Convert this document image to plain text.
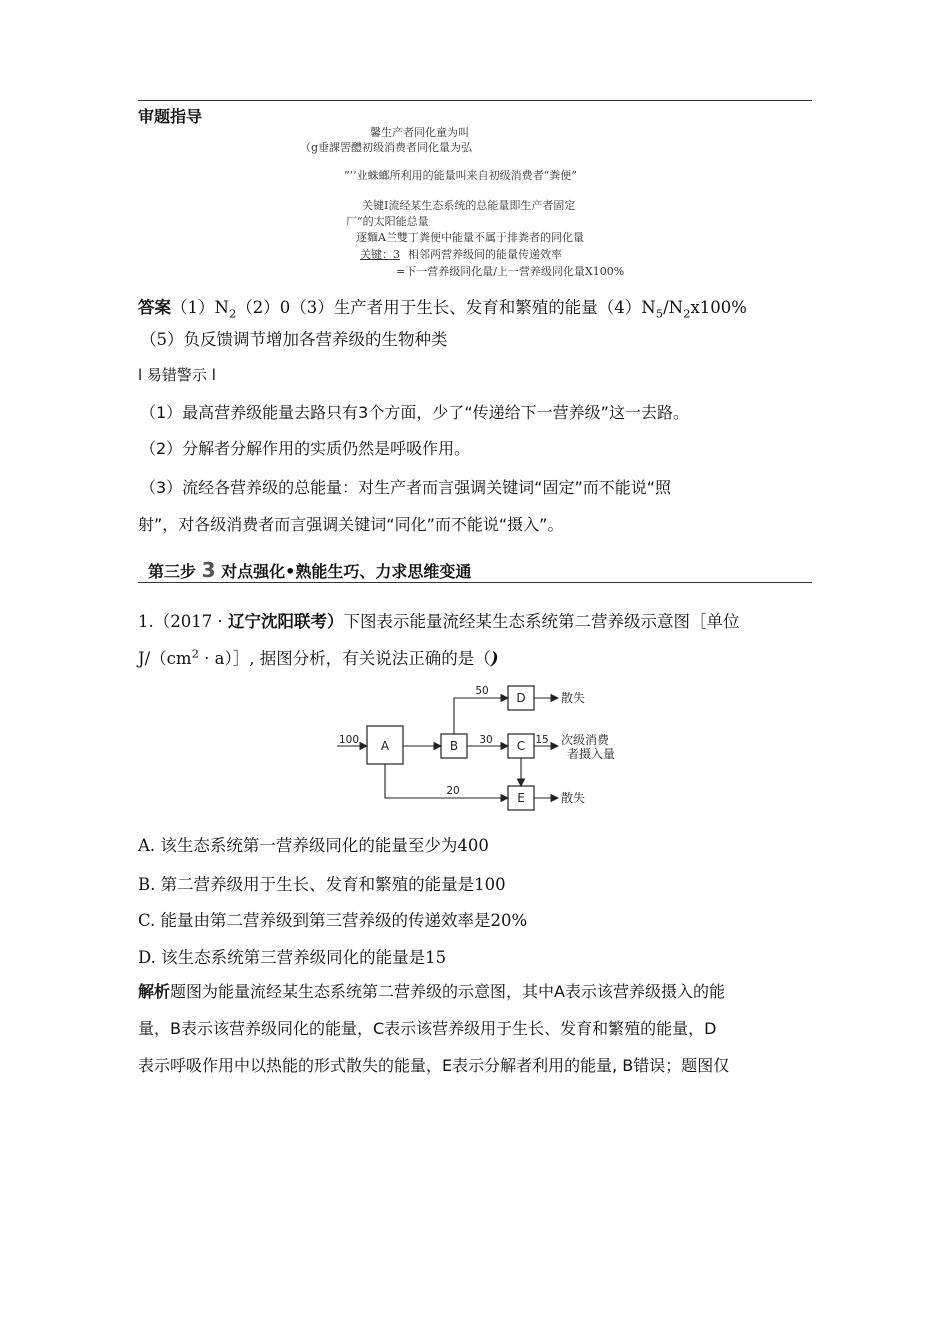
审题指导
馨生产者同化童为叫
（g垂課罟醴初级消费者同化量为弘
”’’业蛛螂所利用的能量叫来自初级消费者“粪便”
关键I流经某生态系统的总能量即生产者固定
厂“的太阳能总量
逐麵A兰雙丁粪便中能量不属于排粪者的同化量
关键：3 相邻两营养级间的能量传递效率
=下一营养级同化量/上一营养级同化量X100%
答案$(1)N_2(2)0(3)$生产者用于生长、发育和繁殖的能量$(4)N_5/N_2x100\%$
（5）负反馈调节增加各营养级的生物种类
l 易错警示 l
（1）最高营养级能量去路只有3个方面，少了“传递给下一营养级”这一去路。
（2）分解者分解作用的实质仍然是呼吸作用。
（3）流经各营养级的总能量：对生产者而言强调关键词“固定”而不能说“照
射”，对各级消费者而言强调关键词“同化”而不能说“摄入”。
第三步 3 对点强化•熟能生巧、力求思维变通
1.（2017 · 辽宁沈阳联考）下图表示能量流经某生态系统第二营养级示意图［单位
$J/(cm^2$ · a）］, 据图分析，有关说法正确的是（)
A	B	C
D
E
100
50
30
20
15
散失
次级消费
者摄入量
散失
A. 该生态系统第一营养级同化的能量至少为400
B. 第二营养级用于生长、发育和繁殖的能量是100
C. 能量由第二营养级到第三营养级的传递效率是20%
D. 该生态系统第三营养级同化的能量是15
解析题图为能量流经某生态系统第二营养级的示意图，其中A表示该营养级摄入的能
量，B表示该营养级同化的能量，C表示该营养级用于生长、发育和繁殖的能量，D
表示呼吸作用中以热能的形式散失的能量，E表示分解者利用的能量, B错误；题图仅
